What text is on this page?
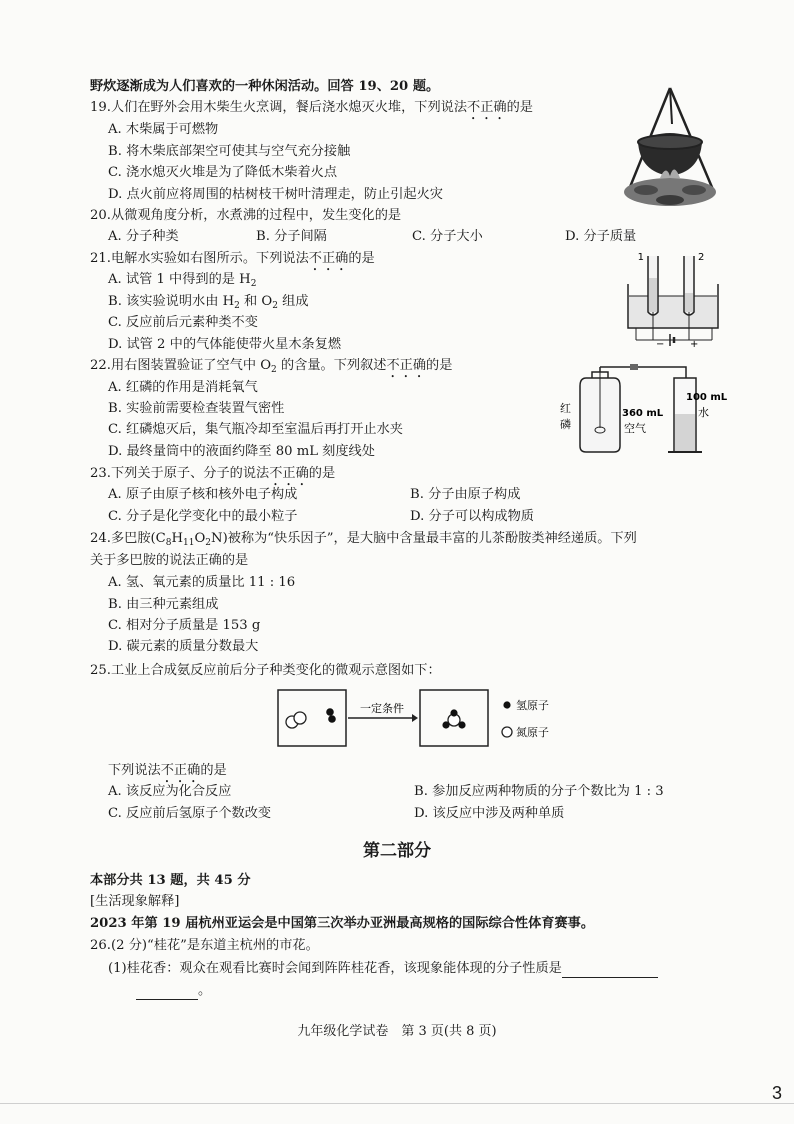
野炊逐渐成为人们喜欢的一种休闲活动。回答 19、20 题。
19.人们在野外会用木柴生火烹调，餐后浇水熄灭火堆，下列说法不正确的是
A. 木柴属于可燃物
B. 将木柴底部架空可使其与空气充分接触
C. 浇水熄灭火堆是为了降低木柴着火点
D. 点火前应将周围的枯树枝干树叶清理走，防止引起火灾
20.从微观角度分析，水煮沸的过程中，发生变化的是
A. 分子种类	B. 分子间隔	C. 分子大小	D. 分子质量
21.电解水实验如右图所示。下列说法不正确的是
A. 试管 1 中得到的是 $H_2$
B. 该实验说明水由 $H_2$ 和 $O_2$ 组成
C. 反应前后元素种类不变
D. 试管 2 中的气体能使带火星木条复燃
1	2
−	+
22.用右图装置验证了空气中 $O_2$ 的含量。下列叙述不正确的是
A. 红磷的作用是消耗氧气
B. 实验前需要检查装置气密性
C. 红磷熄灭后，集气瓶冷却至室温后再打开止水夹
D. 最终量筒中的液面约降至 80 mL 刻度线处
红
磷
360 mL
空气
100 mL
水
23.下列关于原子、分子的说法不正确的是
A. 原子由原子核和核外电子构成	B. 分子由原子构成
C. 分子是化学变化中的最小粒子	D. 分子可以构成物质
24.多巴胺$(C_8H_{11}O_2N)$被称为“快乐因子”，是大脑中含量最丰富的儿茶酚胺类神经递质。下列
关于多巴胺的说法正确的是
A. 氢、氧元素的质量比 11 : 16
B. 由三种元素组成
C. 相对分子质量是 153 g
D. 碳元素的质量分数最大
25.工业上合成氨反应前后分子种类变化的微观示意图如下：
一定条件	氢原子
氮原子
下列说法不正确的是
A. 该反应为化合反应	B. 参加反应两种物质的分子个数比为 1 : 3
C. 反应前后氢原子个数改变	D. 该反应中涉及两种单质
第二部分
本部分共 13 题，共 45 分
[生活现象解释]
2023 年第 19 届杭州亚运会是中国第三次举办亚洲最高规格的国际综合性体育赛事。
26.(2 分)“桂花”是东道主杭州的市花。
(1)桂花香：观众在观看比赛时会闻到阵阵桂花香，该现象能体现的分子性质是
。
九年级化学试卷　第 3 页(共 8 页)
3
